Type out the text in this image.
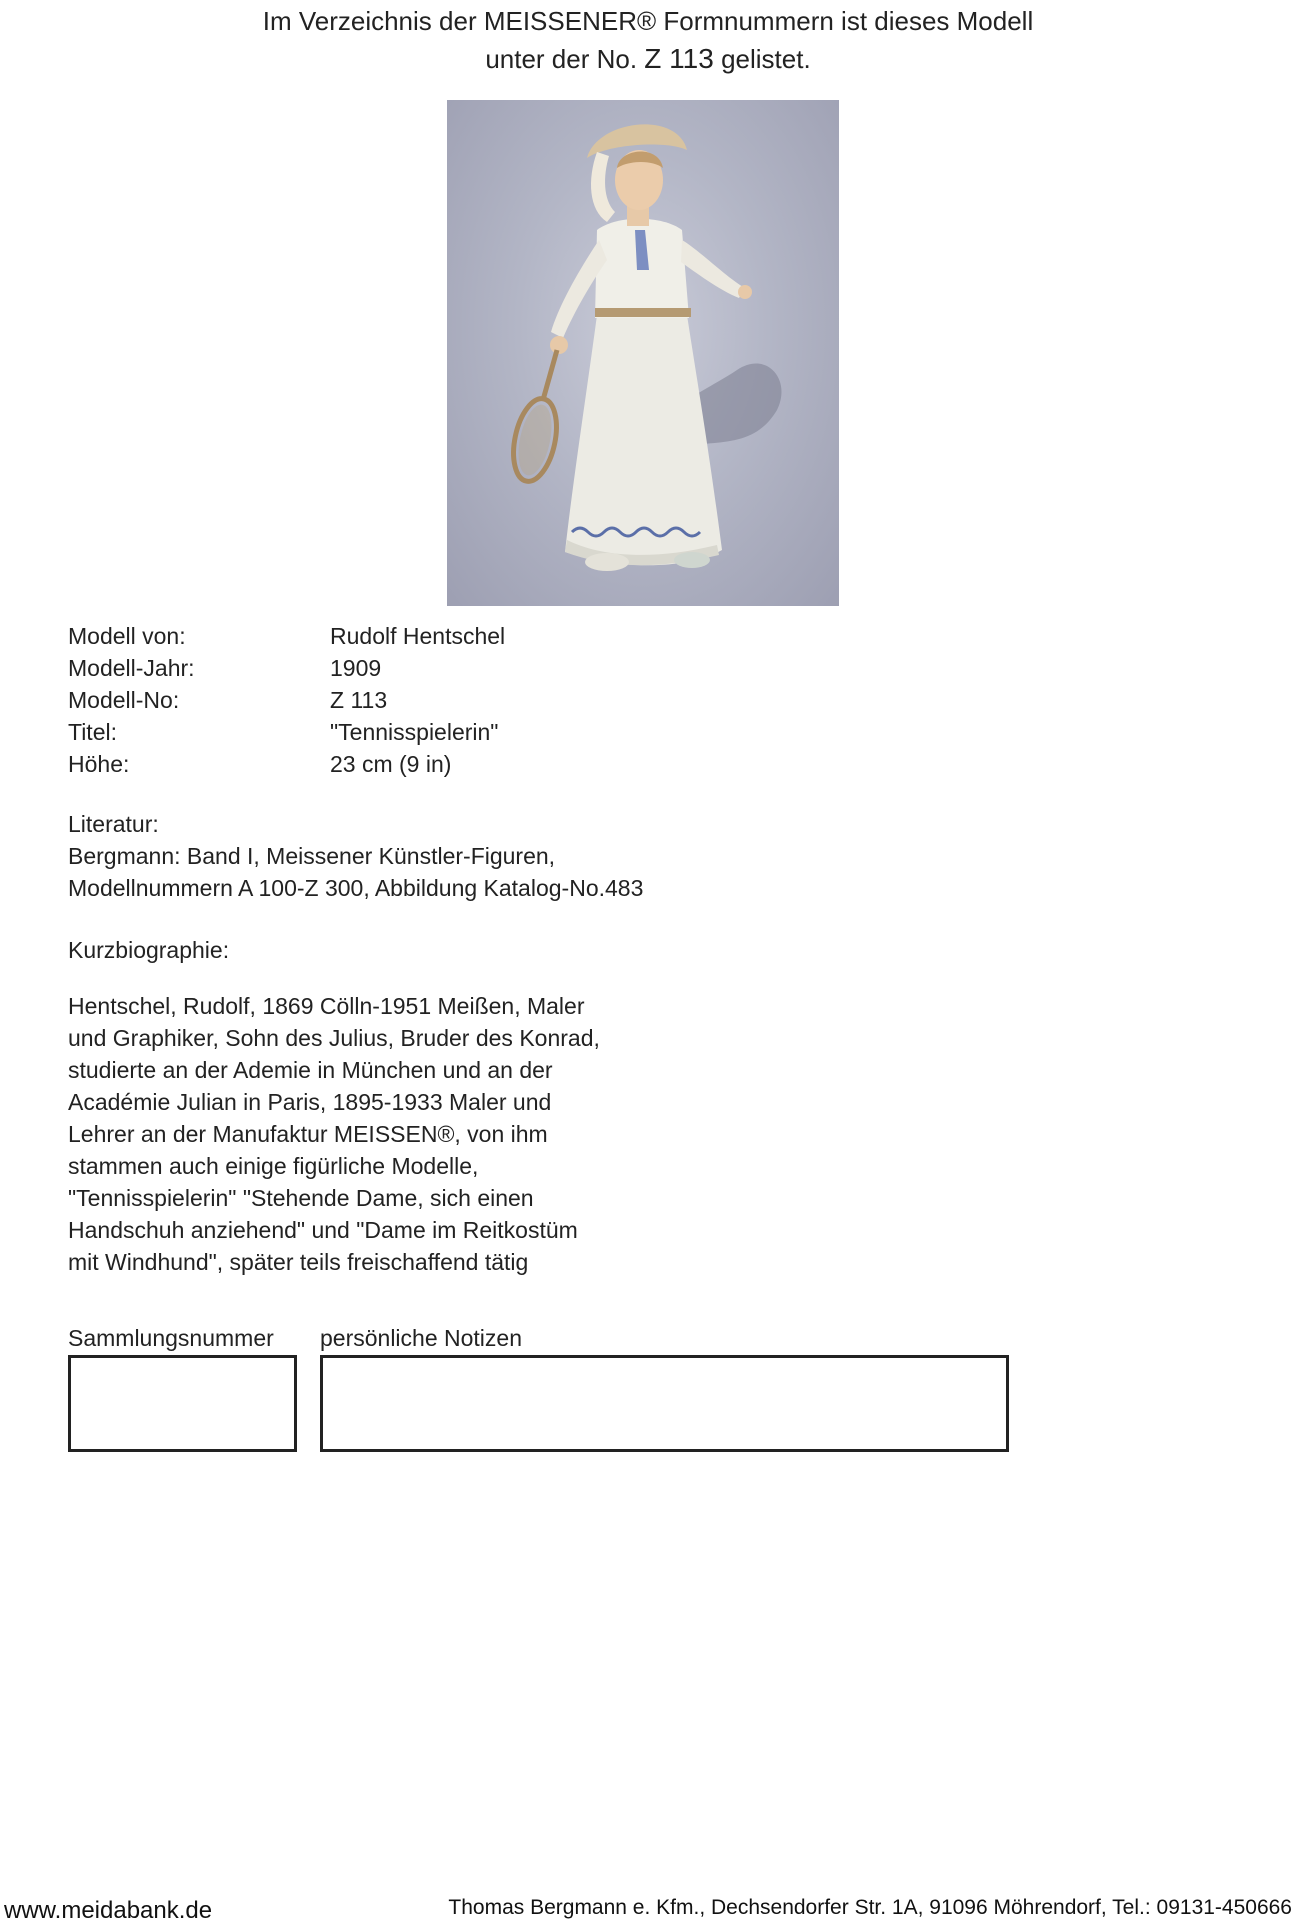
Im Verzeichnis der MEISSENER® Formnummern ist dieses Modell
unter der No. Z 113 gelistet.
Modell von:	Rudolf Hentschel
Modell-Jahr:	1909
Modell-No:	Z 113
Titel:	"Tennisspielerin"
Höhe:	23 cm (9 in)
Literatur:
Bergmann: Band I, Meissener Künstler-Figuren,
Modellnummern A 100-Z 300, Abbildung Katalog-No.483
Kurzbiographie:

Hentschel, Rudolf, 1869 Cölln-1951 Meißen, Maler

und Graphiker, Sohn des Julius, Bruder des Konrad,

studierte an der Ademie in München und an der

Académie Julian in Paris, 1895-1933 Maler und

Lehrer an der Manufaktur MEISSEN®, von ihm

stammen auch einige figürliche Modelle,

"Tennisspielerin" "Stehende Dame, sich einen

Handschuh anziehend" und "Dame im Reitkostüm

mit Windhund", später teils freischaffend tätig

Sammlungsnummer persönliche Notizen
www.meidabank.de	Thomas Bergmann e. Kfm., Dechsendorfer Str. 1A, 91096 Möhrendorf, Tel.: 09131-450666
